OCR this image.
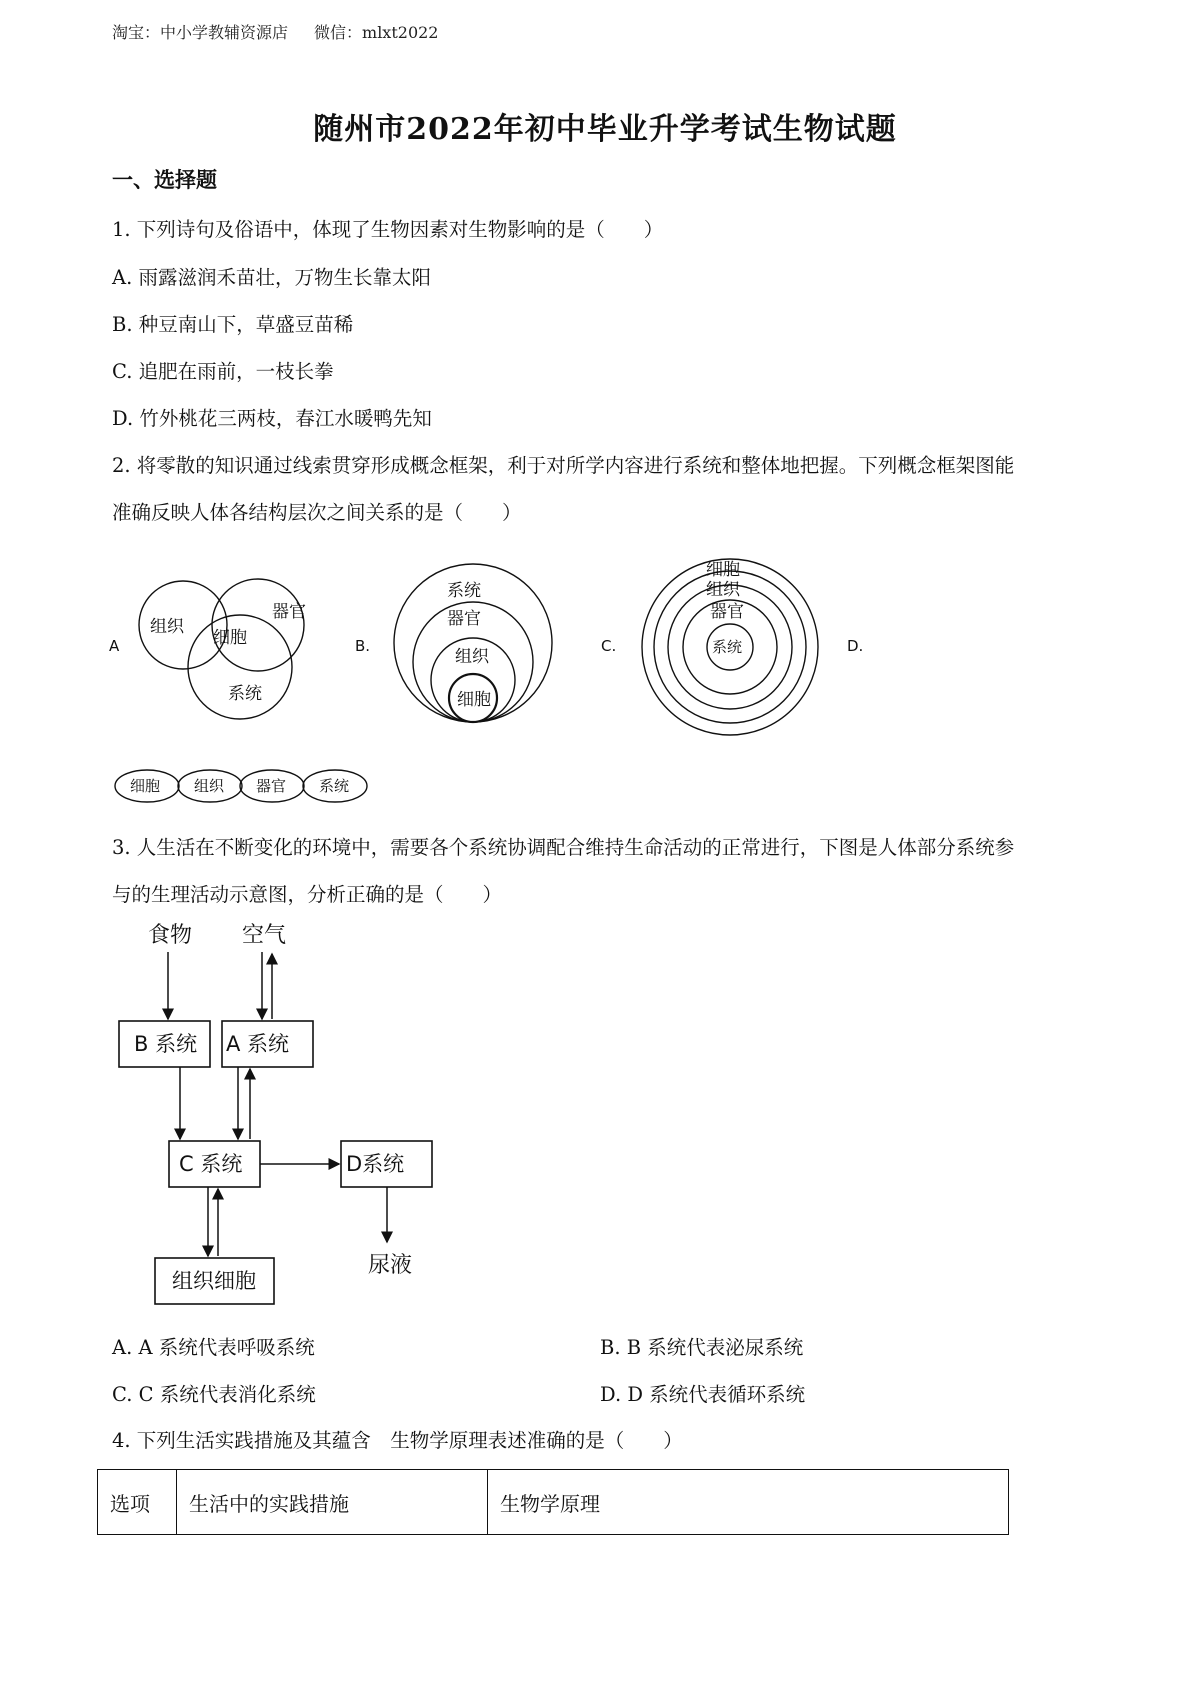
淘宝：中小学教辅资源店 微信：mlxt2022
随州市2022年初中毕业升学考试生物试题
一、选择题
1. 下列诗句及俗语中，体现了生物因素对生物影响的是（　　）
A. 雨露滋润禾苗壮，万物生长靠太阳
B. 种豆南山下，草盛豆苗稀
C. 追肥在雨前，一枝长拳
D. 竹外桃花三两枝，春江水暖鸭先知
2. 将零散的知识通过线索贯穿形成概念框架，利于对所学内容进行系统和整体地把握。下列概念框架图能
准确反映人体各结构层次之间关系的是（　　）
A	B.	C.	D.
组织
器官
细胞
系统
系统
器官
组织
细胞
细胞
组织
器官
系统
细胞 组织 器官 系统
3. 人生活在不断变化的环境中，需要各个系统协调配合维持生命活动的正常进行，下图是人体部分系统参
与的生理活动示意图，分析正确的是（　　）
食物 空气
尿液
B 系统 A 系统
C 系统	D系统
组织细胞
A. A 系统代表呼吸系统	B. B 系统代表泌尿系统
C. C 系统代表消化系统	D. D 系统代表循环系统
4. 下列生活实践措施及其蕴含　生物学原理表述准确的是（　　）
选项	生活中的实践措施	生物学原理
